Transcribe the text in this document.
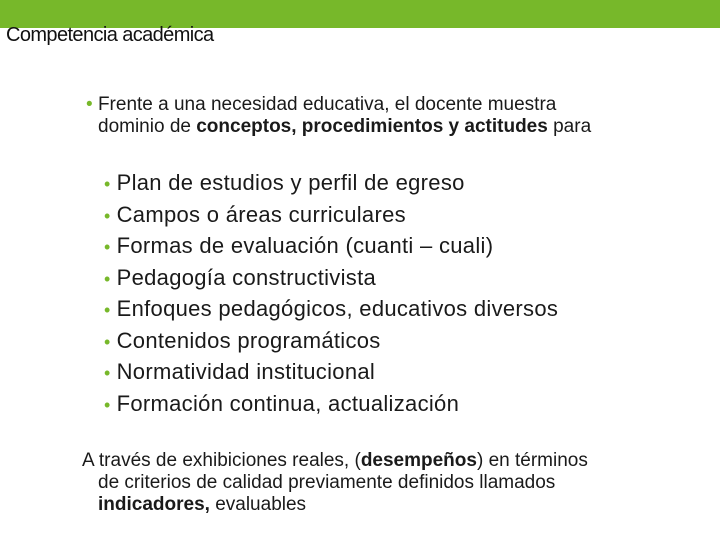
Competencia académica
• Frente a una necesidad educativa, el docente muestra
dominio de conceptos, procedimientos y actitudes para
• Plan de estudios y perfil de egreso
• Campos o áreas curriculares
• Formas de evaluación (cuanti – cuali)
• Pedagogía constructivista
• Enfoques pedagógicos, educativos diversos
• Contenidos programáticos
• Normatividad institucional
• Formación continua, actualización
A través de exhibiciones reales, (desempeños) en términos
de criterios de calidad previamente definidos llamados
indicadores, evaluables
